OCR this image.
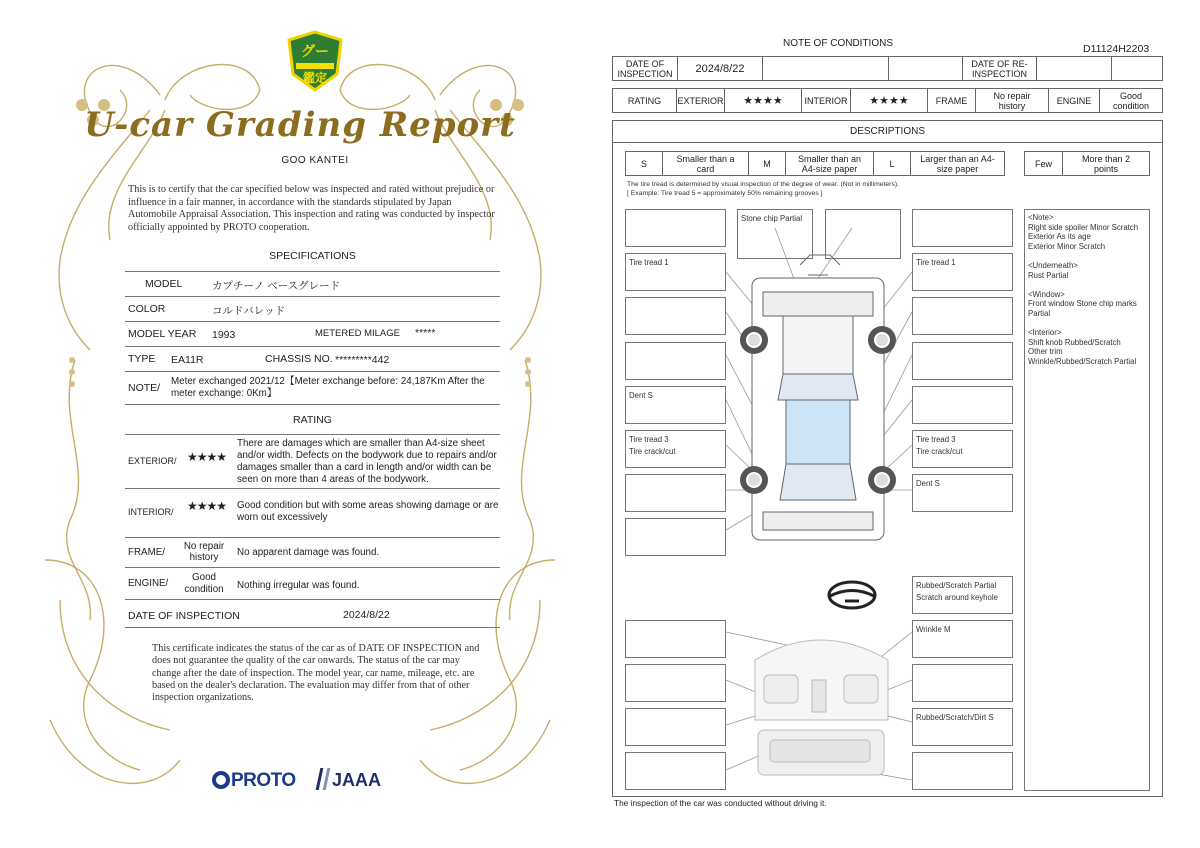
グー
鑑定
U-car Grading Report
GOO KANTEI
This is to certify that the car specified below was inspected and rated without prejudice or influence in a fair manner, in accordance with the standards stipulated by Japan Automobile Appraisal Association. This inspection and rating was conducted by inspector officially appointed by PROTO cooperation.
SPECIFICATIONS
MODEL	カプチーノ ベースグレード
COLOR	コルドバレッド
MODEL YEAR 1993	METERED MILAGE *****
TYPE EA11R	CHASSIS NO. *********442
NOTE/
Meter exchanged 2021/12【Meter exchange before: 24,187Km After the meter exchange: 0Km】
RATING
EXTERIOR/ ★★★★
There are damages which are smaller than A4-size sheet and/or width. Defects on the bodywork due to repairs and/or damages smaller than a card in length and/or width can be seen on more than 4 areas of the bodywork.
INTERIOR/ ★★★★ Good condition but with some areas showing damage or are worn out excessively
FRAME/
No repair history	No apparent damage was found.
ENGINE/
Good condition	Nothing irregular was found.
DATE OF INSPECTION	2024/8/22
This certificate indicates the status of the car as of DATE OF INSPECTION and does not guarantee the quality of the car onwards. The status of the car may change after the date of inspection. The model year, car name, mileage, etc. are based on the dealer's declaration. The evaluation may differ from that of other inspection organizations.
PROTO	JAAA
NOTE OF CONDITIONS	D11124H2203
DATE OF INSPECTION	2024/8/22	DATE OF RE-INSPECTION
RATING	EXTERIOR	★★★★	INTERIOR	★★★★	FRAME	No repair history	ENGINE	Good condition
DESCRIPTIONS
S	Smaller than a card	M	Smaller than an A4-size paper	L	Larger than an A4-size paper	Few	More than 2 points
The tire tread is determined by visual inspection of the degree of wear. (Not in millimeters).
[ Example: Tire tread 5 = approximately 50% remaining grooves ]
Tire tread 1
Dent S
Tire tread 3
Tire crack/cut
Stone chip Partial
Tire tread 1
Tire tread 3
Tire crack/cut
Dent S
Rubbed/Scratch Partial
Scratch around keyhole
Wrinkle M
Rubbed/Scratch/Dirt S

<Note>
Right side spoiler Minor Scratch
Exterior As its age
Exterior Minor Scratch

<Underneath>
Rust Partial

<Window>
Front window Stone chip marks Partial

<Interior>
Shift knob Rubbed/Scratch
Other trim
Wrinkle/Rubbed/Scratch Partial

The inspection of the car was conducted without driving it.
